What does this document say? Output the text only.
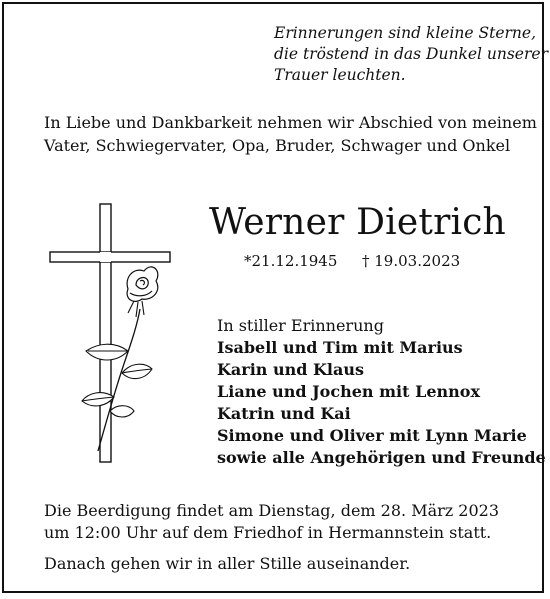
Erinnerungen sind kleine Sterne,
die tröstend in das Dunkel unserer
Trauer leuchten.
In Liebe und Dankbarkeit nehmen wir Abschied von meinem
Vater, Schwiegervater, Opa, Bruder, Schwager und Onkel
Werner Dietrich
*21.12.1945 † 19.03.2023
In stiller Erinnerung
Isabell und Tim mit Marius
Karin und Klaus
Liane und Jochen mit Lennox
Katrin und Kai
Simone und Oliver mit Lynn Marie
sowie alle Angehörigen und Freunde
Die Beerdigung findet am Dienstag, dem 28. März 2023
um 12:00 Uhr auf dem Friedhof in Hermannstein statt.
Danach gehen wir in aller Stille auseinander.
